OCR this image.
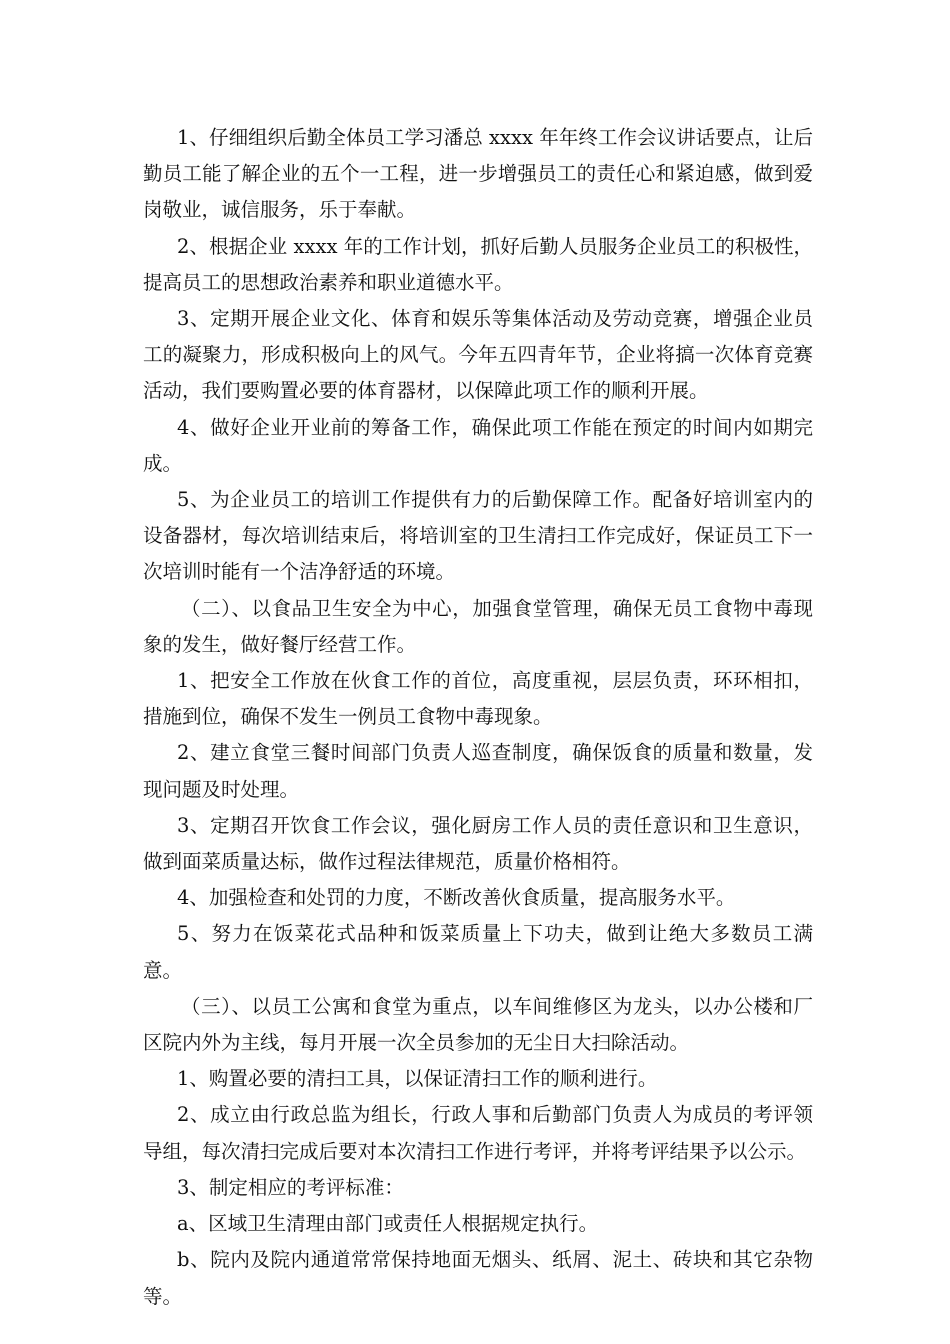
1、仔细组织后勤全体员工学习潘总 xxxx 年年终工作会议讲话要点，让后勤员工能了解企业的五个一工程，进一步增强员工的责任心和紧迫感，做到爱岗敬业，诚信服务，乐于奉献。

2、根据企业 xxxx 年的工作计划，抓好后勤人员服务企业员工的积极性，提高员工的思想政治素养和职业道德水平。

3、定期开展企业文化、体育和娱乐等集体活动及劳动竞赛，增强企业员工的凝聚力，形成积极向上的风气。今年五四青年节，企业将搞一次体育竞赛活动，我们要购置必要的体育器材，以保障此项工作的顺利开展。

4、做好企业开业前的筹备工作，确保此项工作能在预定的时间内如期完成。

5、为企业员工的培训工作提供有力的后勤保障工作。配备好培训室内的设备器材，每次培训结束后，将培训室的卫生清扫工作完成好，保证员工下一次培训时能有一个洁净舒适的环境。

（二）、以食品卫生安全为中心，加强食堂管理，确保无员工食物中毒现象的发生，做好餐厅经营工作。

1、把安全工作放在伙食工作的首位，高度重视，层层负责，环环相扣，措施到位，确保不发生一例员工食物中毒现象。

2、建立食堂三餐时间部门负责人巡查制度，确保饭食的质量和数量，发现问题及时处理。

3、定期召开饮食工作会议，强化厨房工作人员的责任意识和卫生意识，做到面菜质量达标，做作过程法律规范，质量价格相符。

4、加强检查和处罚的力度，不断改善伙食质量，提高服务水平。

5、努力在饭菜花式品种和饭菜质量上下功夫，做到让绝大多数员工满意。

（三）、以员工公寓和食堂为重点，以车间维修区为龙头，以办公楼和厂区院内外为主线，每月开展一次全员参加的无尘日大扫除活动。

1、购置必要的清扫工具，以保证清扫工作的顺利进行。

2、成立由行政总监为组长，行政人事和后勤部门负责人为成员的考评领导组，每次清扫完成后要对本次清扫工作进行考评，并将考评结果予以公示。

3、制定相应的考评标准：

a、区域卫生清理由部门或责任人根据规定执行。

b、院内及院内通道常常保持地面无烟头、纸屑、泥土、砖块和其它杂物等。
